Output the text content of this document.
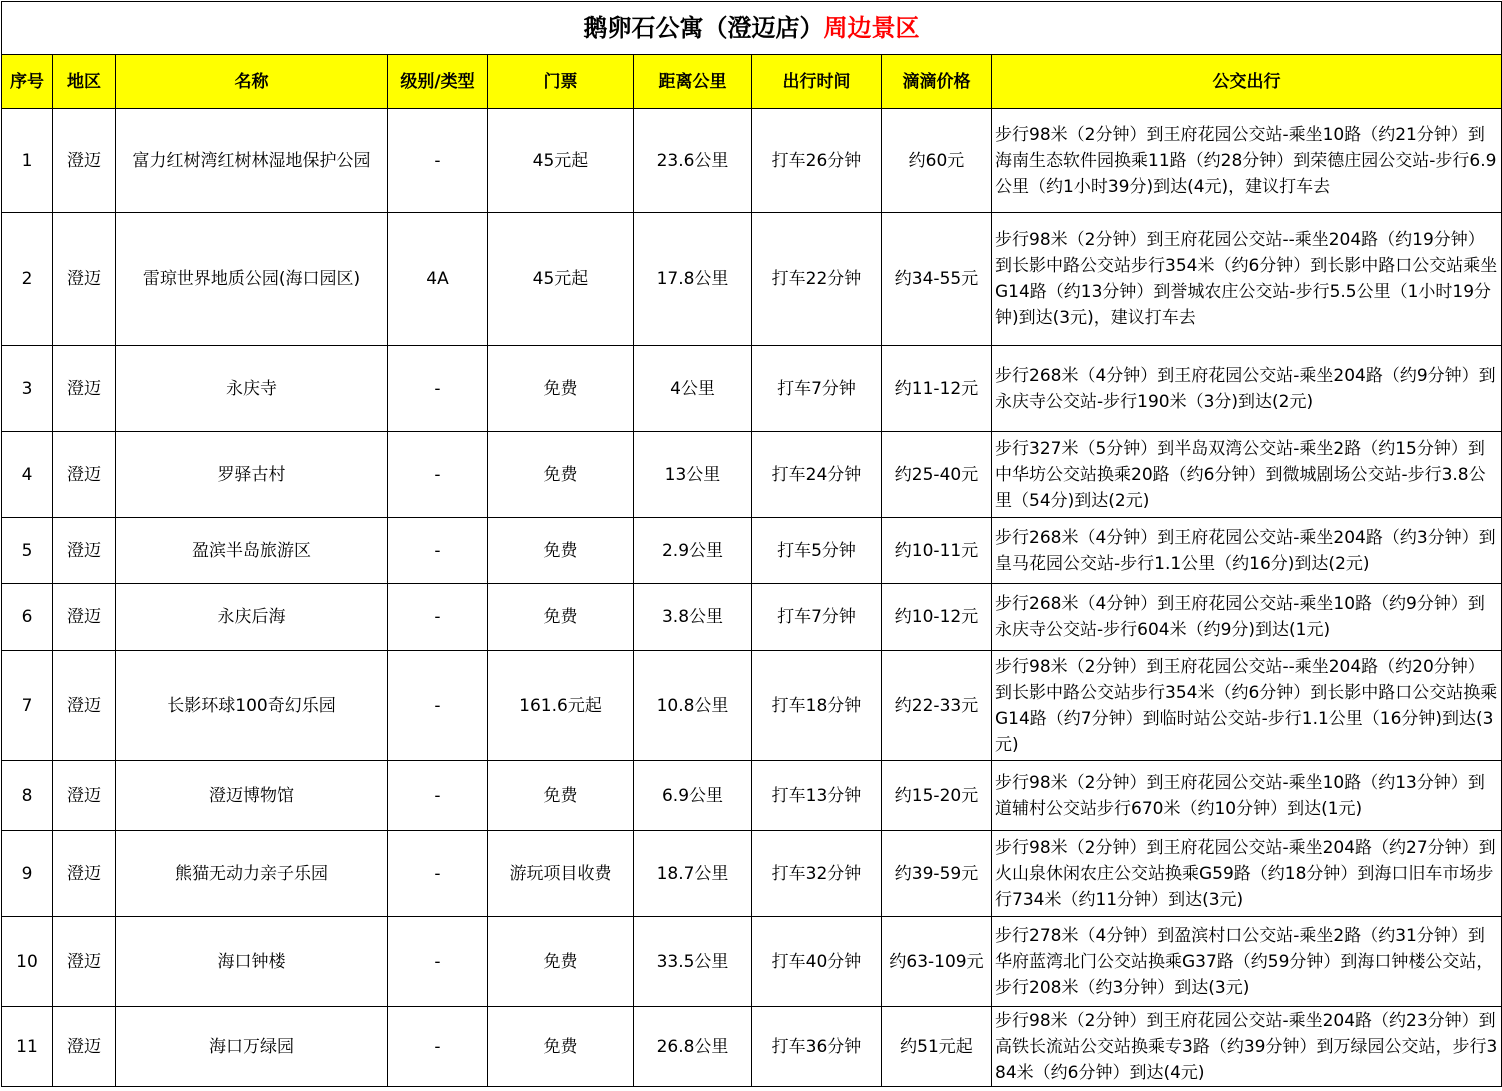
鹅卵石公寓（澄迈店）周边景区								
序号	地区	名称	级别/类型	门票	距离公里	出行时间	滴滴价格	公交出行
1	澄迈	富力红树湾红树林湿地保护公园	-	45元起	23.6公里	打车26分钟	约60元	步行98米（2分钟）到王府花园公交站-乘坐10路（约21分钟）到海南生态软件园换乘11路（约28分钟）到荣德庄园公交站-步行6.9公里（约1小时39分)到达(4元)，建议打车去
2	澄迈	雷琼世界地质公园(海口园区)	4A	45元起	17.8公里	打车22分钟	约34-55元	步行98米（2分钟）到王府花园公交站--乘坐204路（约19分钟）到长影中路公交站步行354米（约6分钟）到长影中路口公交站乘坐G14路（约13分钟）到誉城农庄公交站-步行5.5公里（1小时19分钟)到达(3元)，建议打车去
3	澄迈	永庆寺	-	免费	4公里	打车7分钟	约11-12元	步行268米（4分钟）到王府花园公交站-乘坐204路（约9分钟）到永庆寺公交站-步行190米（3分)到达(2元)
4	澄迈	罗驿古村	-	免费	13公里	打车24分钟	约25-40元	步行327米（5分钟）到半岛双湾公交站-乘坐2路（约15分钟）到中华坊公交站换乘20路（约6分钟）到微城剧场公交站-步行3.8公里（54分)到达(2元)
5	澄迈	盈滨半岛旅游区	-	免费	2.9公里	打车5分钟	约10-11元	步行268米（4分钟）到王府花园公交站-乘坐204路（约3分钟）到皇马花园公交站-步行1.1公里（约16分)到达(2元)
6	澄迈	永庆后海	-	免费	3.8公里	打车7分钟	约10-12元	步行268米（4分钟）到王府花园公交站-乘坐10路（约9分钟）到永庆寺公交站-步行604米（约9分)到达(1元)
7	澄迈	长影环球100奇幻乐园	-	161.6元起	10.8公里	打车18分钟	约22-33元	步行98米（2分钟）到王府花园公交站--乘坐204路（约20分钟）到长影中路公交站步行354米（约6分钟）到长影中路口公交站换乘G14路（约7分钟）到临时站公交站-步行1.1公里（16分钟)到达(3元)
8	澄迈	澄迈博物馆	-	免费	6.9公里	打车13分钟	约15-20元	步行98米（2分钟）到王府花园公交站-乘坐10路（约13分钟）到道辅村公交站步行670米（约10分钟）到达(1元)
9	澄迈	熊猫无动力亲子乐园	-	游玩项目收费	18.7公里	打车32分钟	约39-59元	步行98米（2分钟）到王府花园公交站-乘坐204路（约27分钟）到火山泉休闲农庄公交站换乘G59路（约18分钟）到海口旧车市场步行734米（约11分钟）到达(3元)
10	澄迈	海口钟楼	-	免费	33.5公里	打车40分钟	约63-109元	步行278米（4分钟）到盈滨村口公交站-乘坐2路（约31分钟）到华府蓝湾北门公交站换乘G37路（约59分钟）到海口钟楼公交站，步行208米（约3分钟）到达(3元)
11	澄迈	海口万绿园	-	免费	26.8公里	打车36分钟	约51元起	步行98米（2分钟）到王府花园公交站-乘坐204路（约23分钟）到高铁长流站公交站换乘专3路（约39分钟）到万绿园公交站，步行384米（约6分钟）到达(4元)
